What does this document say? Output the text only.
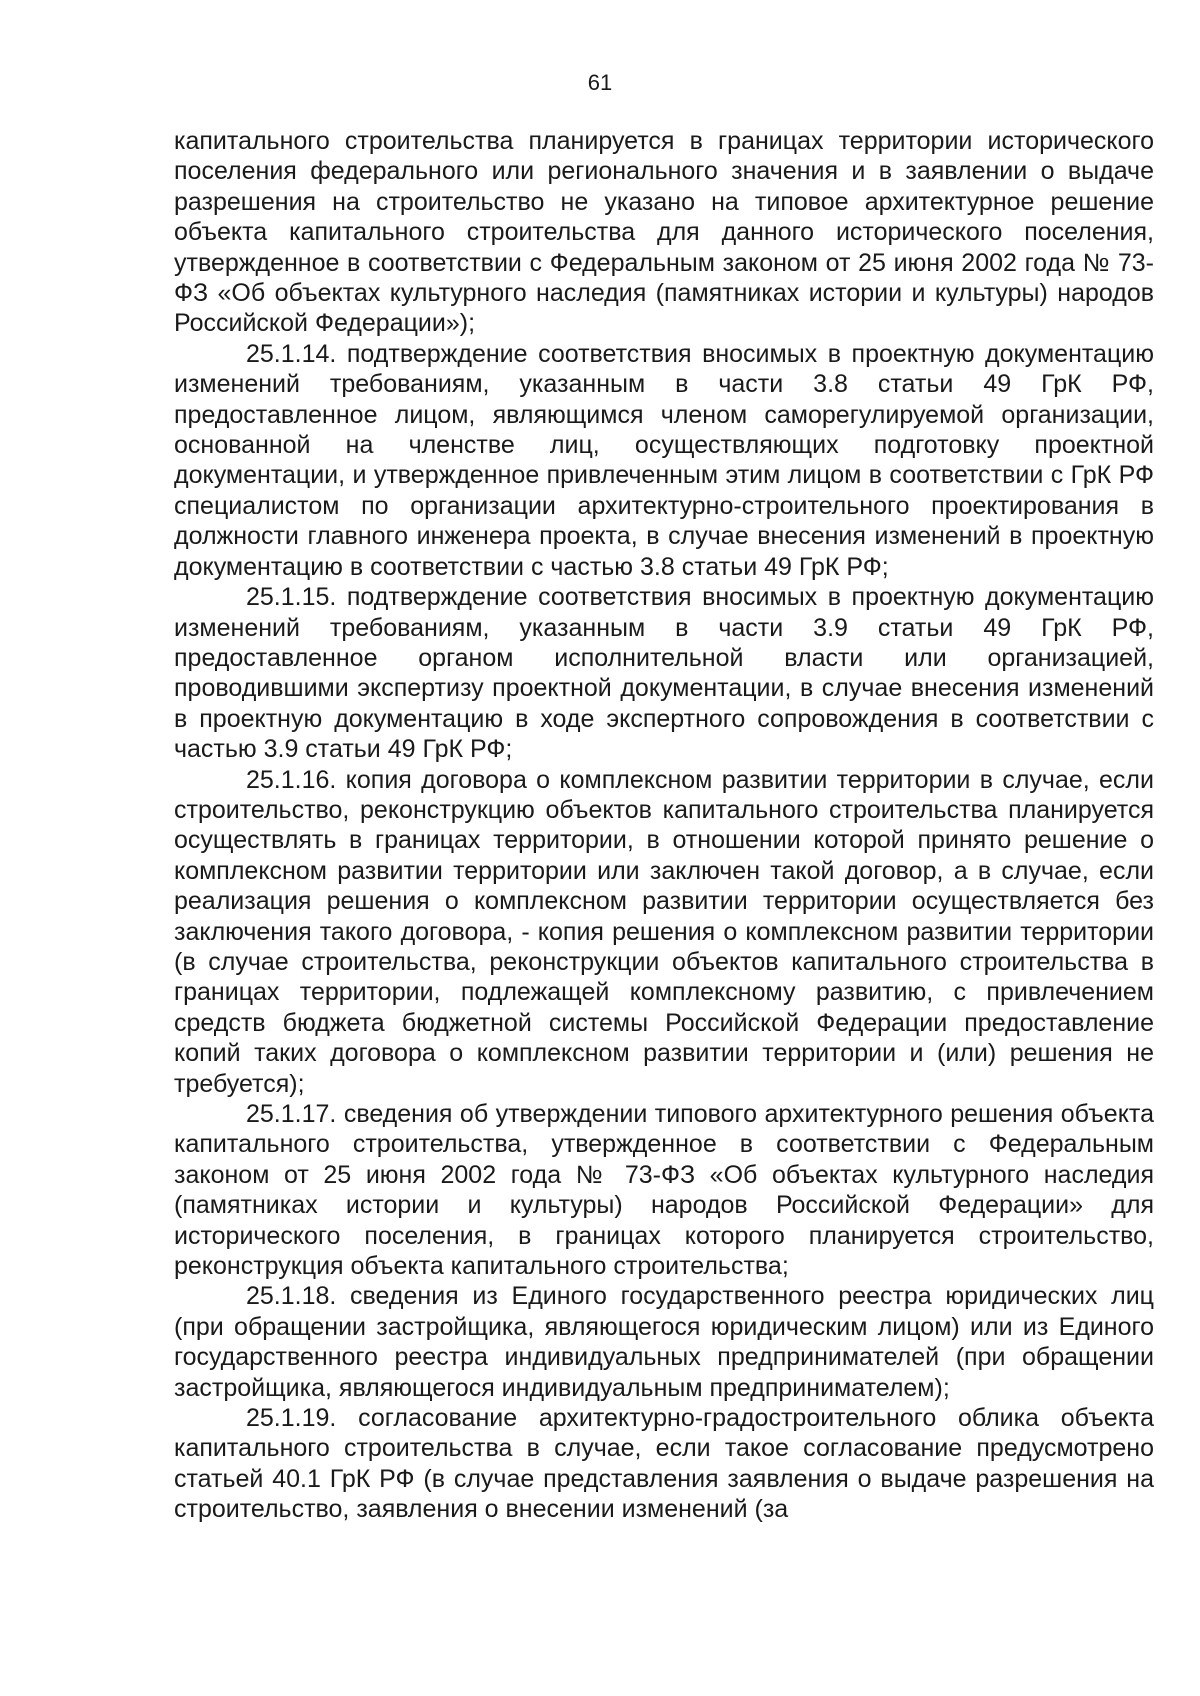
61

капитального строительства планируется в границах территории исторического поселения федерального или регионального значения и в заявлении о выдаче разрешения на строительство не указано на типовое архитектурное решение объекта капитального строительства для данного исторического поселения, утвержденное в соответствии с Федеральным законом от 25 июня 2002 года № 73-ФЗ «Об объектах культурного наследия (памятниках истории и культуры) народов Российской Федерации»);

25.1.14. подтверждение соответствия вносимых в проектную документацию изменений требованиям, указанным в части 3.8 статьи 49 ГрК РФ, предоставленное лицом, являющимся членом саморегулируемой организации, основанной на членстве лиц, осуществляющих подготовку проектной документации, и утвержденное привлеченным этим лицом в соответствии с ГрК РФ специалистом по организации архитектурно-строительного проектирования в должности главного инженера проекта, в случае внесения изменений в проектную документацию в соответствии с частью 3.8 статьи 49 ГрК РФ;

25.1.15. подтверждение соответствия вносимых в проектную документацию изменений требованиям, указанным в части 3.9 статьи 49 ГрК РФ, предоставленное органом исполнительной власти или организацией, проводившими экспертизу проектной документации, в случае внесения изменений в проектную документацию в ходе экспертного сопровождения в соответствии с частью 3.9 статьи 49 ГрК РФ;

25.1.16. копия договора о комплексном развитии территории в случае, если строительство, реконструкцию объектов капитального строительства планируется осуществлять в границах территории, в отношении которой принято решение о комплексном развитии территории или заключен такой договор, а в случае, если реализация решения о комплексном развитии территории осуществляется без заключения такого договора, - копия решения о комплексном развитии территории (в случае строительства, реконструкции объектов капитального строительства в границах территории, подлежащей комплексному развитию, с привлечением средств бюджета бюджетной системы Российской Федерации предоставление копий таких договора о комплексном развитии территории и (или) решения не требуется);

25.1.17. сведения об утверждении типового архитектурного решения объекта капитального строительства, утвержденное в соответствии с Федеральным законом от 25 июня 2002 года № 73-ФЗ «Об объектах культурного наследия (памятниках истории и культуры) народов Российской Федерации» для исторического поселения, в границах которого планируется строительство, реконструкция объекта капитального строительства;

25.1.18. сведения из Единого государственного реестра юридических лиц (при обращении застройщика, являющегося юридическим лицом) или из Единого государственного реестра индивидуальных предпринимателей (при обращении застройщика, являющегося индивидуальным предпринимателем);

25.1.19. согласование архитектурно-градостроительного облика объекта капитального строительства в случае, если такое согласование предусмотрено статьей 40.1 ГрК РФ (в случае представления заявления о выдаче разрешения на строительство, заявления о внесении изменений (за
